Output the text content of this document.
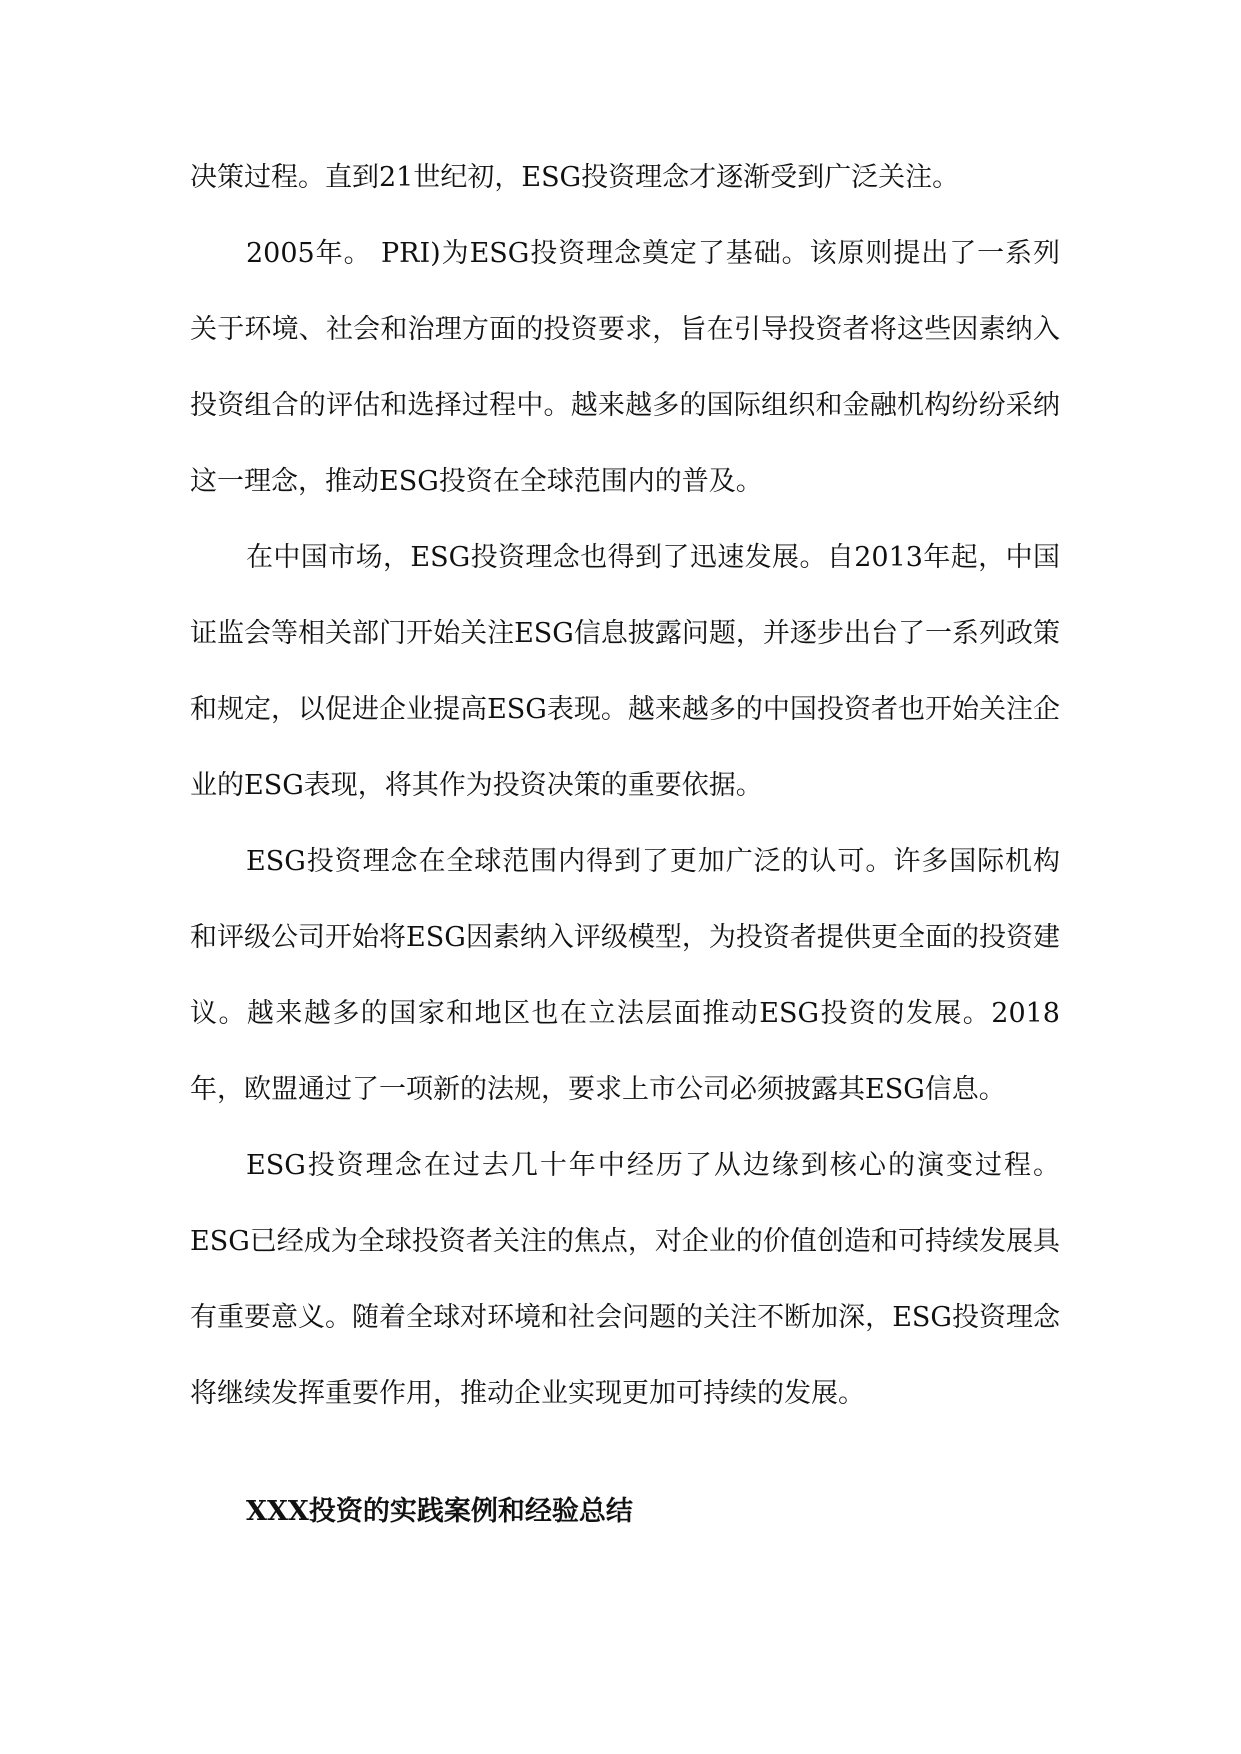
决策过程。直到21世纪初，ESG投资理念才逐渐受到广泛关注。

2005年。 PRI)为ESG投资理念奠定了基础。该原则提出了一系列关于环境、社会和治理方面的投资要求，旨在引导投资者将这些因素纳入投资组合的评估和选择过程中。越来越多的国际组织和金融机构纷纷采纳这一理念，推动ESG投资在全球范围内的普及。

在中国市场，ESG投资理念也得到了迅速发展。自2013年起，中国证监会等相关部门开始关注ESG信息披露问题，并逐步出台了一系列政策和规定，以促进企业提高ESG表现。越来越多的中国投资者也开始关注企业的ESG表现，将其作为投资决策的重要依据。

ESG投资理念在全球范围内得到了更加广泛的认可。许多国际机构和评级公司开始将ESG因素纳入评级模型，为投资者提供更全面的投资建议。越来越多的国家和地区也在立法层面推动ESG投资的发展。2018年，欧盟通过了一项新的法规，要求上市公司必须披露其ESG信息。

ESG投资理念在过去几十年中经历了从边缘到核心的演变过程。ESG已经成为全球投资者关注的焦点，对企业的价值创造和可持续发展具有重要意义。随着全球对环境和社会问题的关注不断加深，ESG投资理念将继续发挥重要作用，推动企业实现更加可持续的发展。

XXX投资的实践案例和经验总结
